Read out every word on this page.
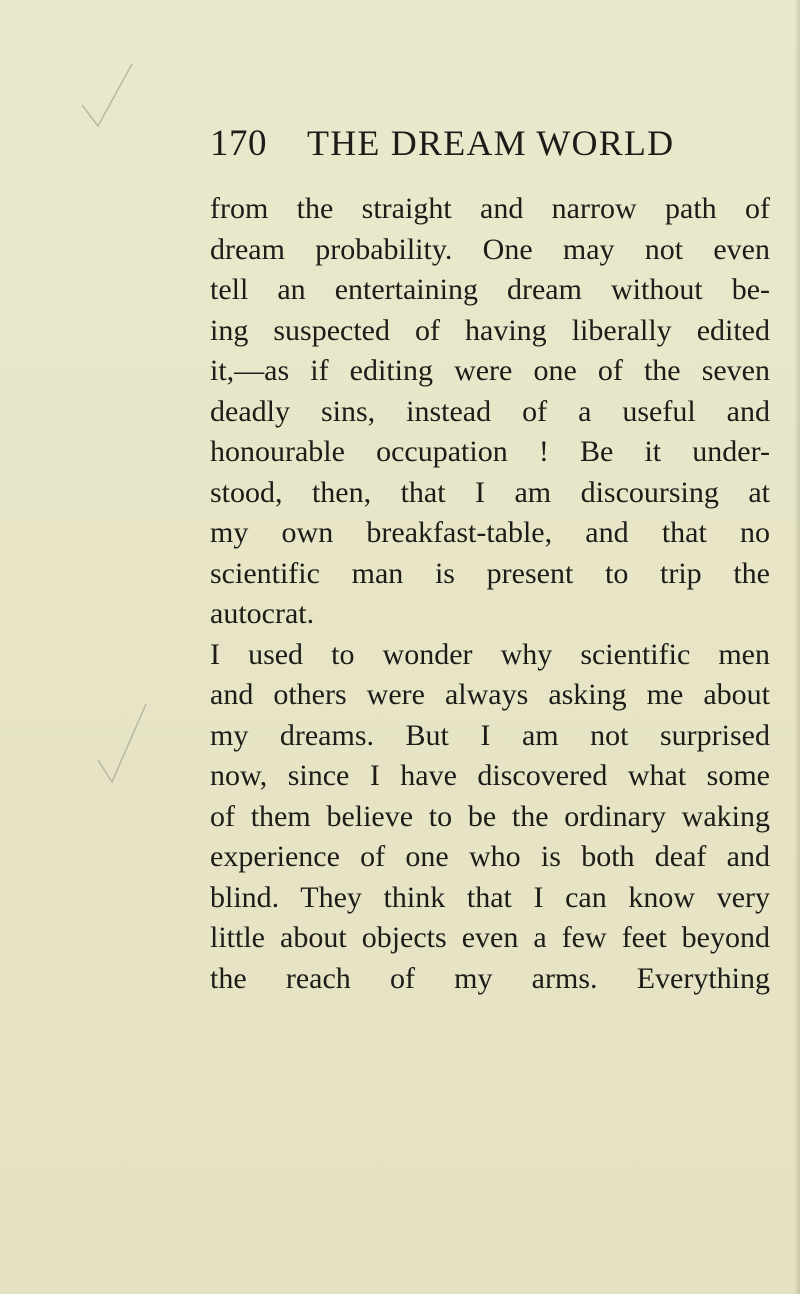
170 THE DREAM WORLD
from the straight and narrow path of
dream probability. One may not even
tell an entertaining dream without be-
ing suspected of having liberally edited
it,—as if editing were one of the seven
deadly sins, instead of a useful and
honourable occupation ! Be it under-
stood, then, that I am discoursing at
my own breakfast-table, and that no
scientific man is present to trip the
autocrat.
I used to wonder why scientific men
and others were always asking me about
my dreams. But I am not surprised
now, since I have discovered what some
of them believe to be the ordinary waking
experience of one who is both deaf and
blind. They think that I can know very
little about objects even a few feet beyond
the reach of my arms. Everything
